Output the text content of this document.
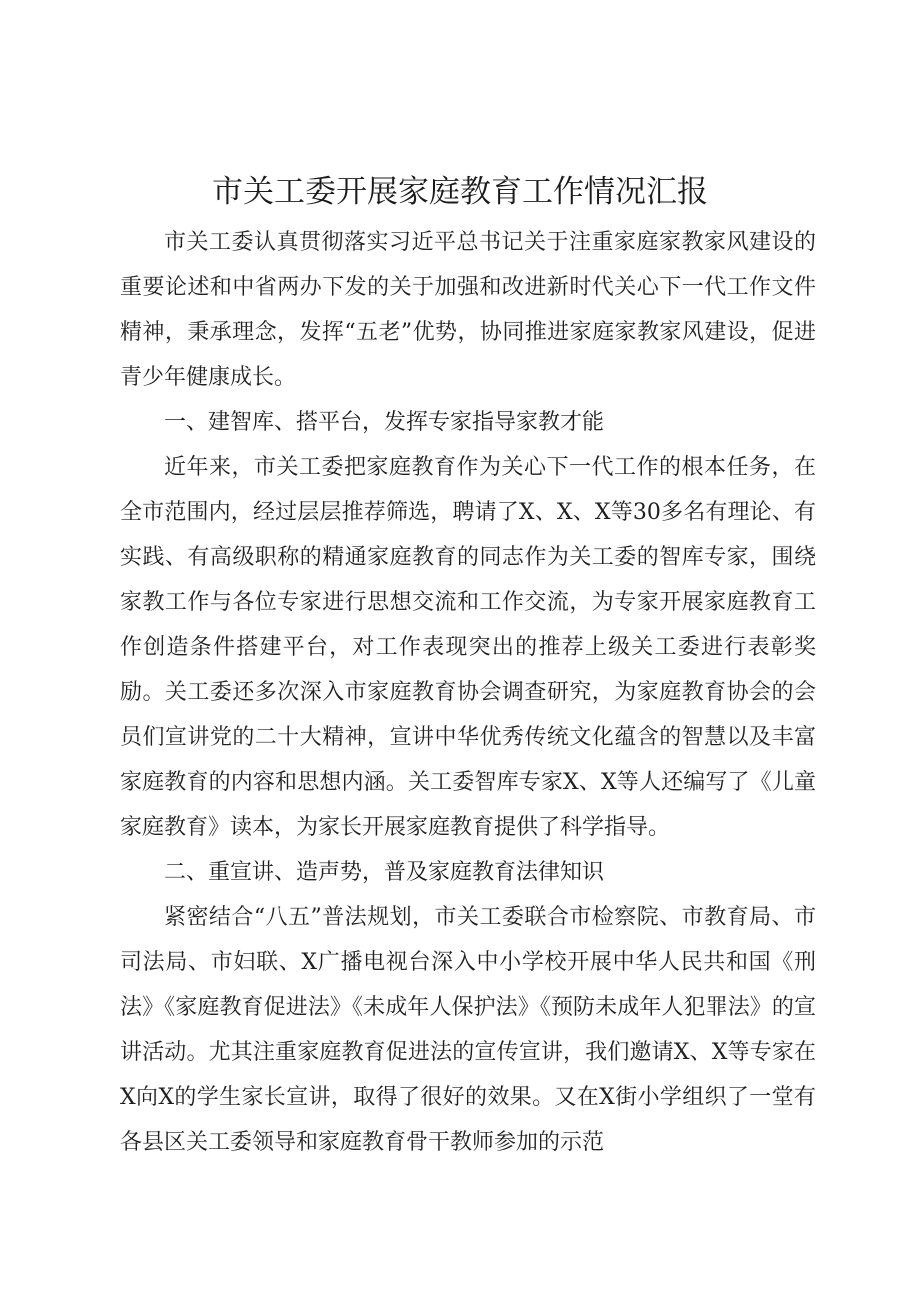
市关工委开展家庭教育工作情况汇报

市关工委认真贯彻落实习近平总书记关于注重家庭家教家风建设的重要论述和中省两办下发的关于加强和改进新时代关心下一代工作文件精神，秉承理念，发挥“五老”优势，协同推进家庭家教家风建设，促进青少年健康成长。

一、建智库、搭平台，发挥专家指导家教才能

近年来，市关工委把家庭教育作为关心下一代工作的根本任务，在全市范围内，经过层层推荐筛选，聘请了X、X、X等30多名有理论、有实践、有高级职称的精通家庭教育的同志作为关工委的智库专家，围绕家教工作与各位专家进行思想交流和工作交流，为专家开展家庭教育工作创造条件搭建平台，对工作表现突出的推荐上级关工委进行表彰奖励。关工委还多次深入市家庭教育协会调查研究，为家庭教育协会的会员们宣讲党的二十大精神，宣讲中华优秀传统文化蕴含的智慧以及丰富家庭教育的内容和思想内涵。关工委智库专家X、X等人还编写了《儿童家庭教育》读本，为家长开展家庭教育提供了科学指导。

二、重宣讲、造声势，普及家庭教育法律知识

紧密结合“八五”普法规划，市关工委联合市检察院、市教育局、市司法局、市妇联、X广播电视台深入中小学校开展中华人民共和国《刑法》《家庭教育促进法》《未成年人保护法》《预防未成年人犯罪法》的宣讲活动。尤其注重家庭教育促进法的宣传宣讲，我们邀请X、X等专家在X向X的学生家长宣讲，取得了很好的效果。又在X街小学组织了一堂有各县区关工委领导和家庭教育骨干教师参加的示范
